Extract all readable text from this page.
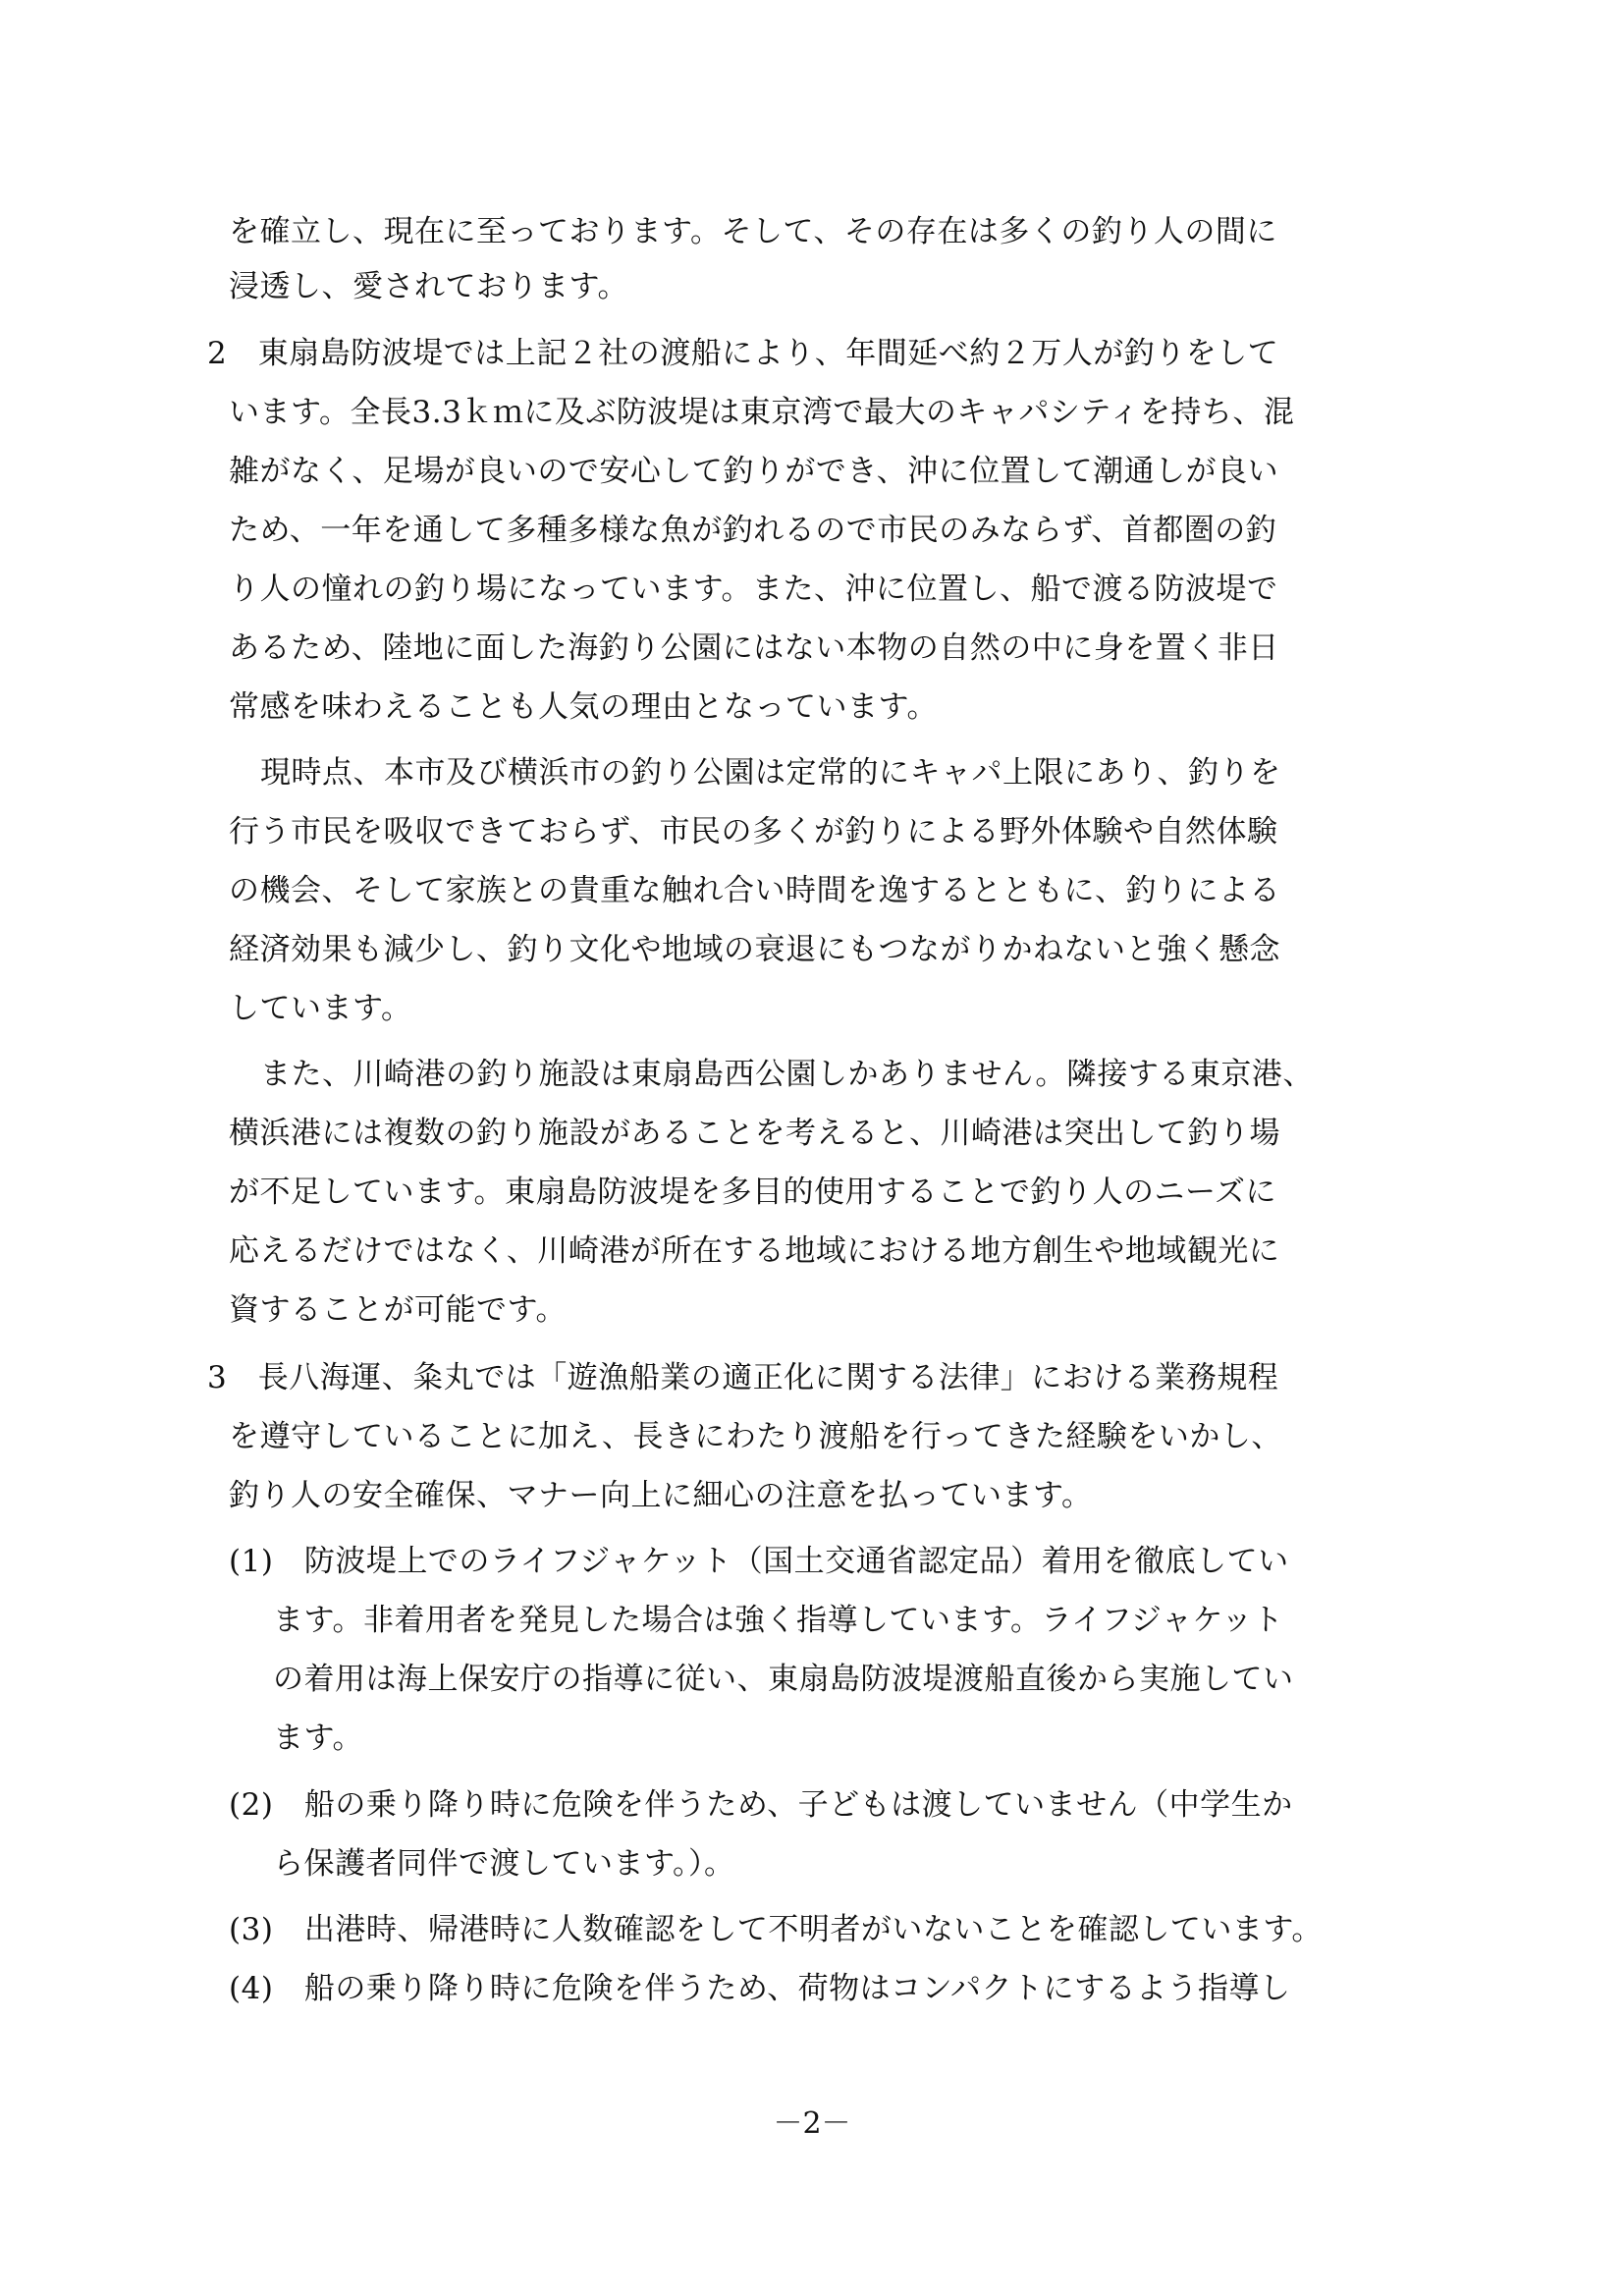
を確立し、現在に至っております。そして、その存在は多くの釣り人の間に
浸透し、愛されております。
2　東扇島防波堤では上記２社の渡船により、年間延べ約２万人が釣りをして
います。全長3.3ｋｍに及ぶ防波堤は東京湾で最大のキャパシティを持ち、混
雑がなく、足場が良いので安心して釣りができ、沖に位置して潮通しが良い
ため、一年を通して多種多様な魚が釣れるので市民のみならず、首都圏の釣
り人の憧れの釣り場になっています。また、沖に位置し、船で渡る防波堤で
あるため、陸地に面した海釣り公園にはない本物の自然の中に身を置く非日
常感を味わえることも人気の理由となっています。
現時点、本市及び横浜市の釣り公園は定常的にキャパ上限にあり、釣りを
行う市民を吸収できておらず、市民の多くが釣りによる野外体験や自然体験
の機会、そして家族との貴重な触れ合い時間を逸するとともに、釣りによる
経済効果も減少し、釣り文化や地域の衰退にもつながりかねないと強く懸念
しています。
また、川崎港の釣り施設は東扇島西公園しかありません。隣接する東京港、
横浜港には複数の釣り施設があることを考えると、川崎港は突出して釣り場
が不足しています。東扇島防波堤を多目的使用することで釣り人のニーズに
応えるだけではなく、川崎港が所在する地域における地方創生や地域観光に
資することが可能です。
3　長八海運、粂丸では「遊漁船業の適正化に関する法律」における業務規程
を遵守していることに加え、長きにわたり渡船を行ってきた経験をいかし、
釣り人の安全確保、マナー向上に細心の注意を払っています。
(1)　防波堤上でのライフジャケット（国土交通省認定品）着用を徹底してい
ます。非着用者を発見した場合は強く指導しています。ライフジャケット
の着用は海上保安庁の指導に従い、東扇島防波堤渡船直後から実施してい
ます。
(2)　船の乗り降り時に危険を伴うため、子どもは渡していません（中学生か
ら保護者同伴で渡しています。）。
(3)　出港時、帰港時に人数確認をして不明者がいないことを確認しています。
(4)　船の乗り降り時に危険を伴うため、荷物はコンパクトにするよう指導し
－2－
